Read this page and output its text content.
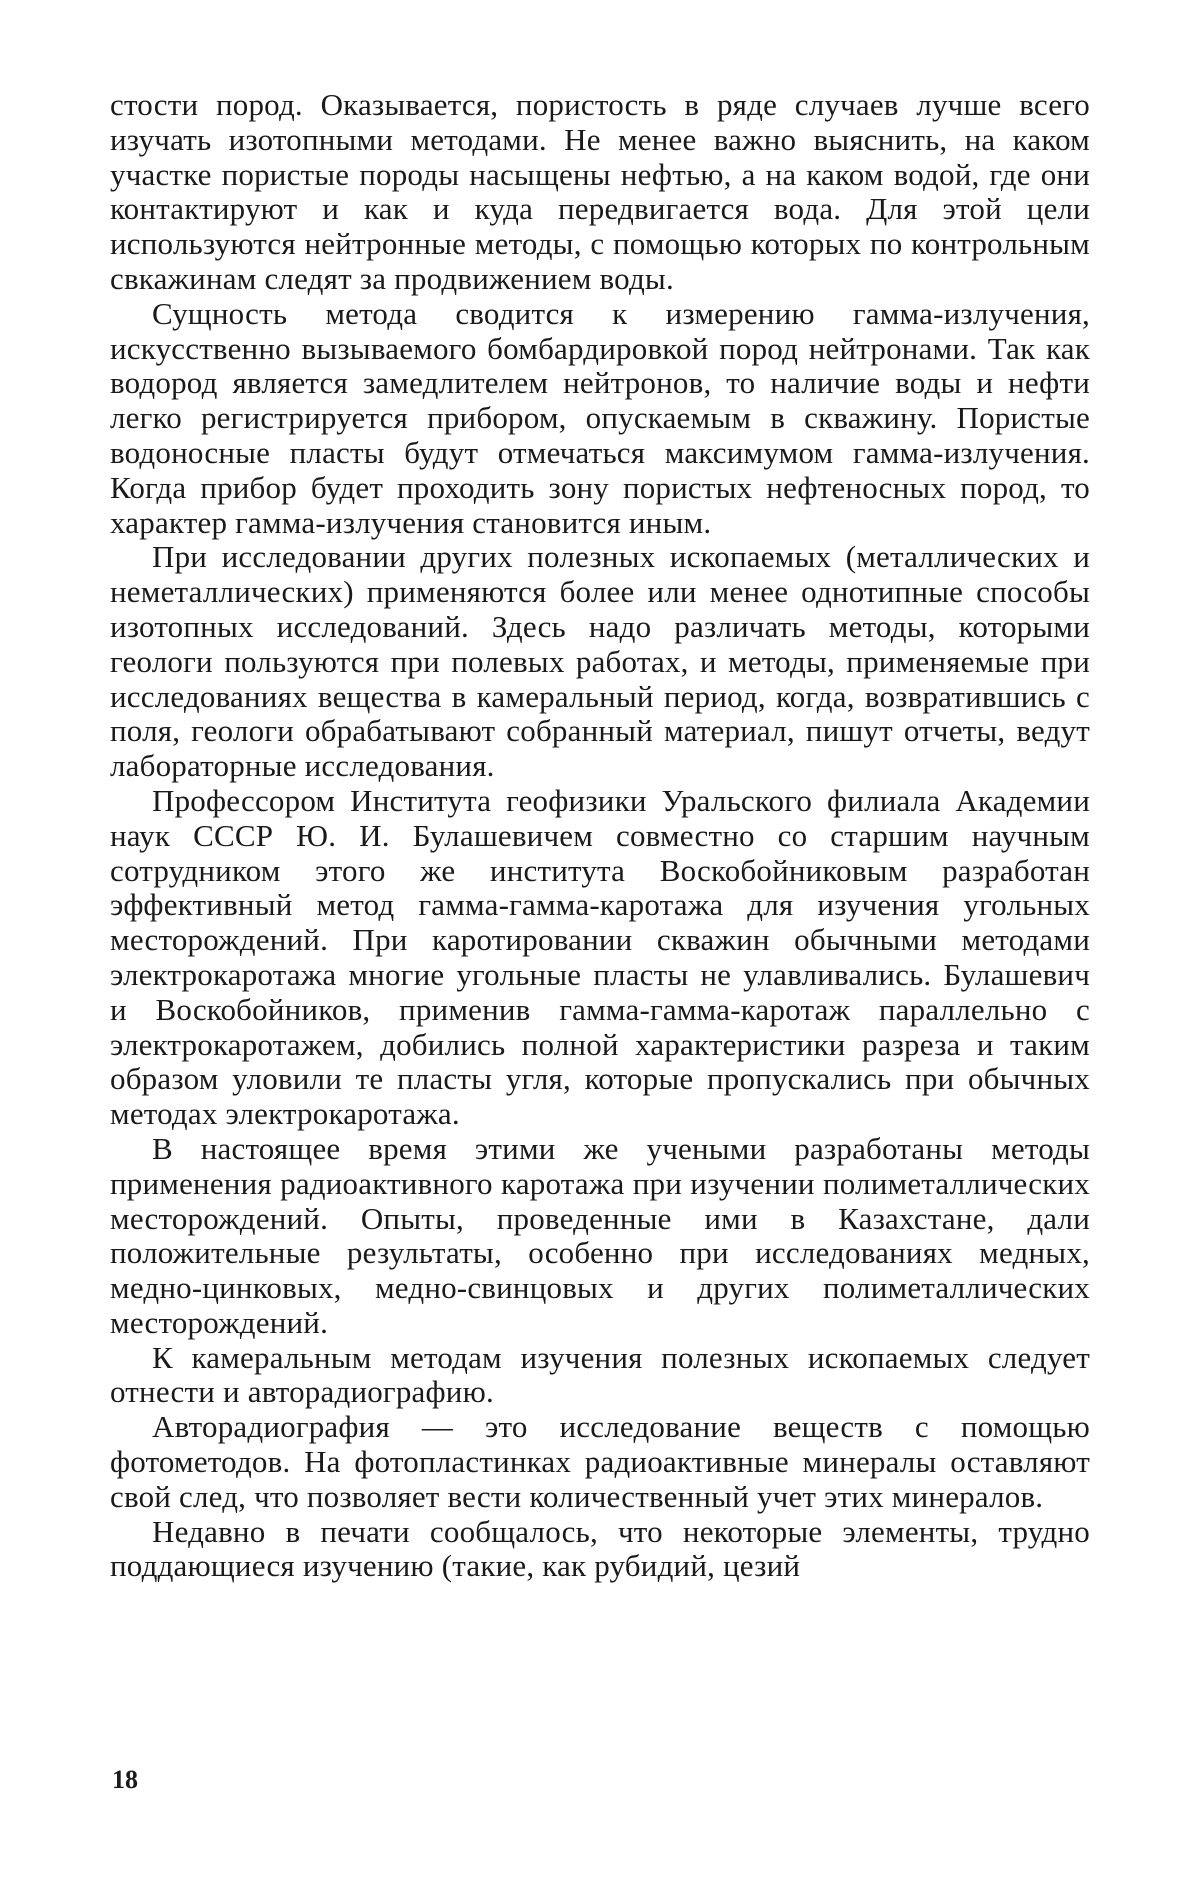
стости пород. Оказывается, пористость в ряде случаев лучше всего изучать изотопными методами. Не менее важно выяснить, на каком участке пористые породы насыщены нефтью, а на каком водой, где они контактируют и как и куда передвигается вода. Для этой цели используются нейтронные методы, с помощью которых по контрольным свкажинам следят за продвижением воды.

Сущность метода сводится к измерению гамма-излучения, искусственно вызываемого бомбардировкой пород нейтронами. Так как водород является замедлителем нейтронов, то наличие воды и нефти легко регистрируется прибором, опускаемым в скважину. Пористые водоносные пласты будут отмечаться максимумом гамма-излучения. Когда прибор будет проходить зону пористых нефтеносных пород, то характер гамма-излучения становится иным.

При исследовании других полезных ископаемых (металлических и неметаллических) применяются более или менее однотипные способы изотопных исследований. Здесь надо различать методы, которыми геологи пользуются при полевых работах, и методы, применяемые при исследованиях вещества в камеральный период, когда, возвратившись с поля, геологи обрабатывают собранный материал, пишут отчеты, ведут лабораторные исследования.

Профессором Института геофизики Уральского филиала Академии наук СССР Ю. И. Булашевичем совместно со старшим научным сотрудником этого же института Воскобойниковым разработан эффективный метод гамма-гамма-каротажа для изучения угольных месторождений. При каротировании скважин обычными методами электрокаротажа многие угольные пласты не улавливались. Булашевич и Воскобойников, применив гамма-гамма-каротаж параллельно с электрокаротажем, добились полной характеристики разреза и таким образом уловили те пласты угля, которые пропускались при обычных методах электрокаротажа.

В настоящее время этими же учеными разработаны методы применения радиоактивного каротажа при изучении полиметаллических месторождений. Опыты, проведенные ими в Казахстане, дали положительные результаты, особенно при исследованиях медных, медно-цинковых, медно-свинцовых и других полиметаллических месторождений.

К камеральным методам изучения полезных ископаемых следует отнести и авторадиографию.

Авторадиография — это исследование веществ с помощью фотометодов. На фотопластинках радиоактивные минералы оставляют свой след, что позволяет вести количественный учет этих минералов.

Недавно в печати сообщалось, что некоторые элементы, трудно поддающиеся изучению (такие, как рубидий, цезий

18
